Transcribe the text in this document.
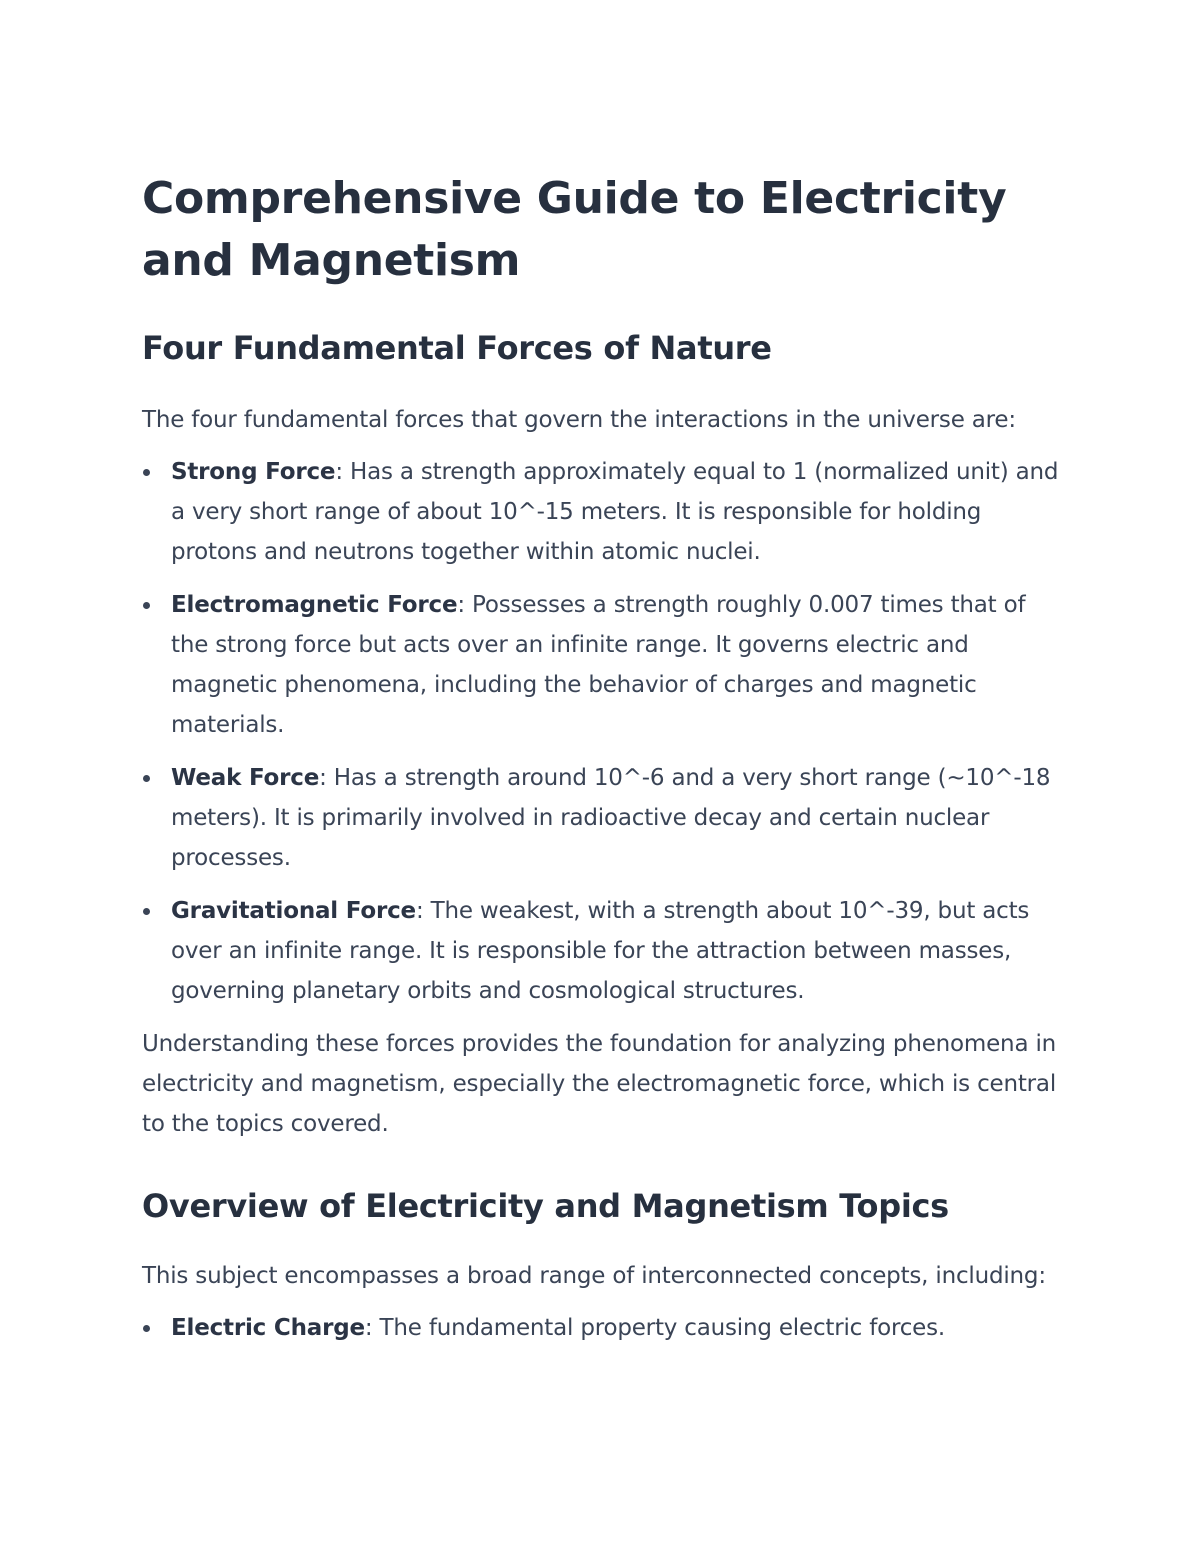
Comprehensive Guide to Electricity and Magnetism
Four Fundamental Forces of Nature

The four fundamental forces that govern the interactions in the universe are:

Strong Force: Has a strength approximately equal to 1 (normalized unit) and a very short range of about 10^-15 meters. It is responsible for holding protons and neutrons together within atomic nuclei.
Electromagnetic Force: Possesses a strength roughly 0.007 times that of the strong force but acts over an infinite range. It governs electric and magnetic phenomena, including the behavior of charges and magnetic materials.
Weak Force: Has a strength around 10^-6 and a very short range (~10^-18 meters). It is primarily involved in radioactive decay and certain nuclear processes.
Gravitational Force: The weakest, with a strength about 10^-39, but acts over an infinite range. It is responsible for the attraction between masses, governing planetary orbits and cosmological structures.

Understanding these forces provides the foundation for analyzing phenomena in electricity and magnetism, especially the electromagnetic force, which is central to the topics covered.

Overview of Electricity and Magnetism Topics

This subject encompasses a broad range of interconnected concepts, including:

Electric Charge: The fundamental property causing electric forces.
